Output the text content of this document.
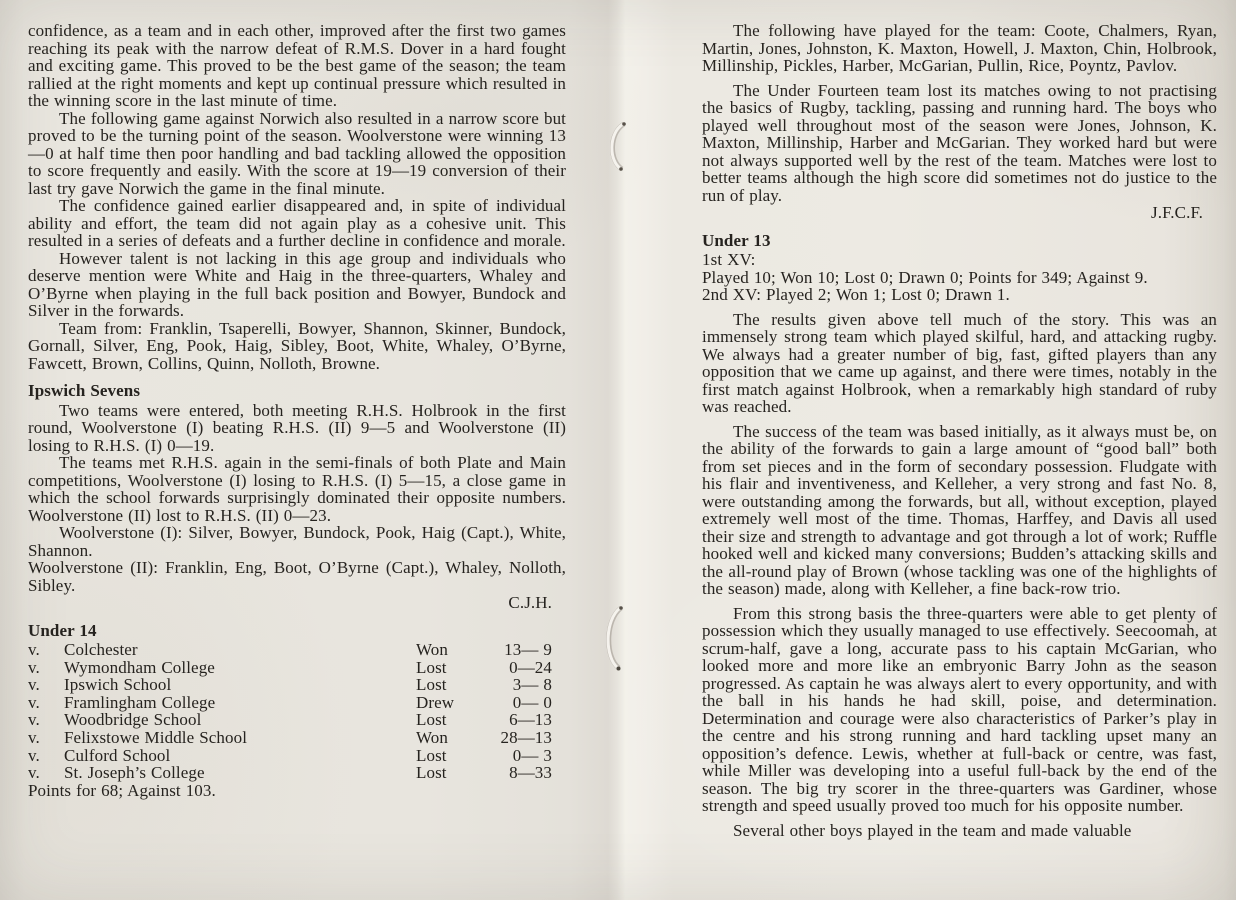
confidence, as a team and in each other, improved after the first two games reaching its peak with the narrow defeat of R.M.S. Dover in a hard fought and exciting game. This proved to be the best game of the season; the team rallied at the right moments and kept up continual pressure which resulted in the winning score in the last minute of time.

The following game against Norwich also resulted in a narrow score but proved to be the turning point of the season. Woolverstone were winning 13—0 at half time then poor handling and bad tackling allowed the opposition to score frequently and easily. With the score at 19—19 conversion of their last try gave Norwich the game in the final minute.

The confidence gained earlier disappeared and, in spite of individual ability and effort, the team did not again play as a cohesive unit. This resulted in a series of defeats and a further decline in confidence and morale.

However talent is not lacking in this age group and individuals who deserve mention were White and Haig in the three-quarters, Whaley and O’Byrne when playing in the full back position and Bowyer, Bundock and Silver in the forwards.

Team from: Franklin, Tsaperelli, Bowyer, Shannon, Skinner, Bundock, Gornall, Silver, Eng, Pook, Haig, Sibley, Boot, White, Whaley, O’Byrne, Fawcett, Brown, Collins, Quinn, Nolloth, Browne.

Ipswich Sevens

Two teams were entered, both meeting R.H.S. Holbrook in the first round, Woolverstone (I) beating R.H.S. (II) 9—5 and Woolverstone (II) losing to R.H.S. (I) 0—19.

The teams met R.H.S. again in the semi-finals of both Plate and Main competitions, Woolverstone (I) losing to R.H.S. (I) 5—15, a close game in which the school forwards surprisingly dominated their opposite numbers. Woolverstone (II) lost to R.H.S. (II) 0—23.

Woolverstone (I): Silver, Bowyer, Bundock, Pook, Haig (Capt.), White, Shannon.

Woolverstone (II): Franklin, Eng, Boot, O’Byrne (Capt.), Whaley, Nolloth, Sibley.

C.J.H.

Under 14
v.	Colchester	Won	13— 9
v.	Wymondham College	Lost	0—24
v.	Ipswich School	Lost	3— 8
v.	Framlingham College	Drew	0— 0
v.	Woodbridge School	Lost	6—13
v.	Felixstowe Middle School	Won	28—13
v.	Culford School	Lost	0— 3
v.	St. Joseph’s College	Lost	8—33

Points for 68; Against 103.

The following have played for the team: Coote, Chalmers, Ryan, Martin, Jones, Johnston, K. Maxton, Howell, J. Maxton, Chin, Holbrook, Millinship, Pickles, Harber, McGarian, Pullin, Rice, Poyntz, Pavlov.

The Under Fourteen team lost its matches owing to not practising the basics of Rugby, tackling, passing and running hard. The boys who played well throughout most of the season were Jones, Johnson, K. Maxton, Millinship, Harber and McGarian. They worked hard but were not always supported well by the rest of the team. Matches were lost to better teams although the high score did sometimes not do justice to the run of play.

J.F.C.F.

Under 13

1st XV:

Played 10; Won 10; Lost 0; Drawn 0; Points for 349; Against 9.

2nd XV: Played 2; Won 1; Lost 0; Drawn 1.

The results given above tell much of the story. This was an immensely strong team which played skilful, hard, and attacking rugby. We always had a greater number of big, fast, gifted players than any opposition that we came up against, and there were times, notably in the first match against Holbrook, when a remarkably high standard of ruby was reached.

The success of the team was based initially, as it always must be, on the ability of the forwards to gain a large amount of “good ball” both from set pieces and in the form of secondary possession. Fludgate with his flair and inventiveness, and Kelleher, a very strong and fast No. 8, were outstanding among the forwards, but all, without exception, played extremely well most of the time. Thomas, Harffey, and Davis all used their size and strength to advantage and got through a lot of work; Ruffle hooked well and kicked many conversions; Budden’s attacking skills and the all-round play of Brown (whose tackling was one of the highlights of the season) made, along with Kelleher, a fine back-row trio.

From this strong basis the three-quarters were able to get plenty of possession which they usually managed to use effectively. Seecoomah, at scrum-half, gave a long, accurate pass to his captain McGarian, who looked more and more like an embryonic Barry John as the season progressed. As captain he was always alert to every opportunity, and with the ball in his hands he had skill, poise, and determination. Determination and courage were also characteristics of Parker’s play in the centre and his strong running and hard tackling upset many an opposition’s defence. Lewis, whether at full-back or centre, was fast, while Miller was developing into a useful full-back by the end of the season. The big try scorer in the three-quarters was Gardiner, whose strength and speed usually proved too much for his opposite number.

Several other boys played in the team and made valuable
